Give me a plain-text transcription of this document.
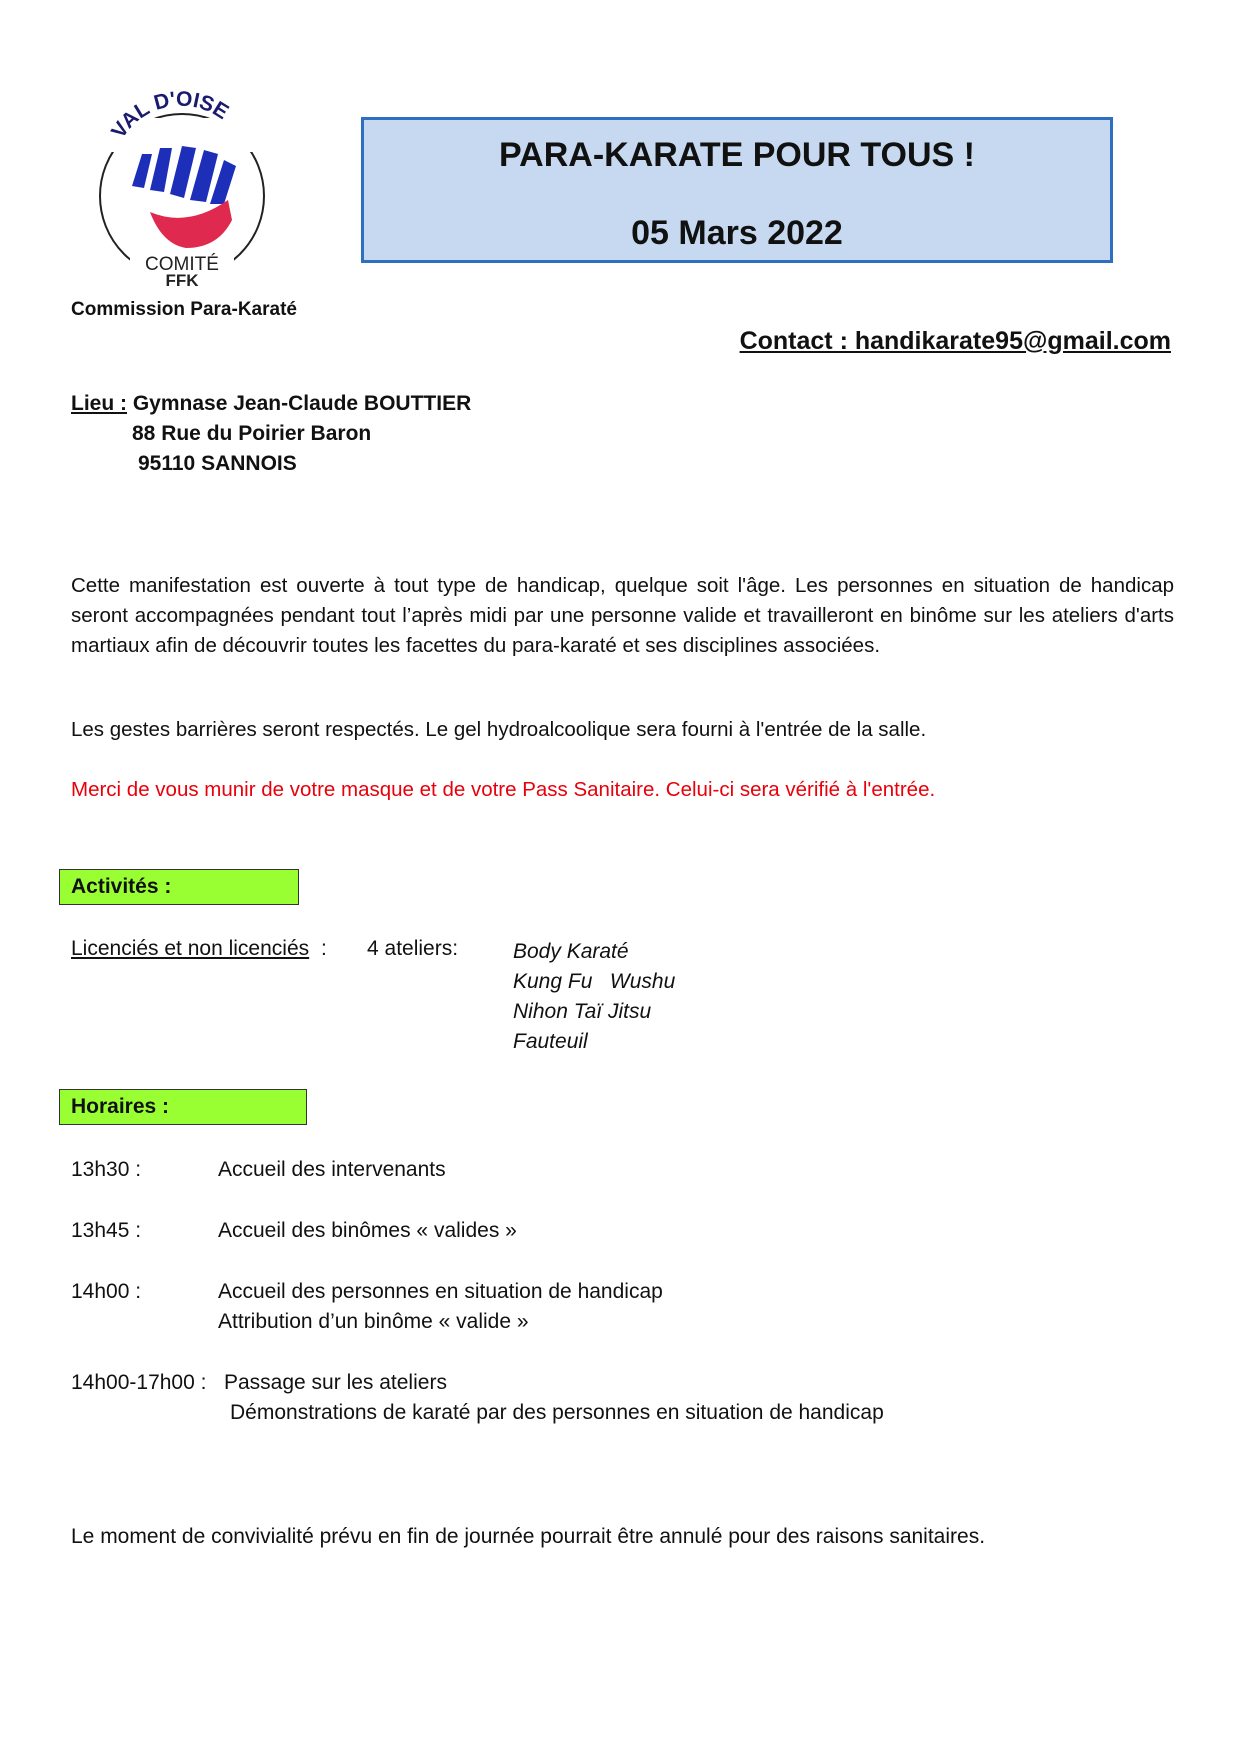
VAL D'OISE
COMITÉ
FFK
Commission Para-Karaté
PARA-KARATE POUR TOUS !
05 Mars 2022
Contact : handikarate95@gmail.com
Lieu : Gymnase Jean-Claude BOUTTIER
88 Rue du Poirier Baron
95110 SANNOIS
Cette manifestation est ouverte à tout type de handicap, quelque soit l'âge. Les personnes en situation de handicap seront accompagnées pendant tout l’après midi par une personne valide et travailleront en binôme sur les ateliers d'arts martiaux afin de découvrir toutes les facettes du para-karaté et ses disciplines associées.
Les gestes barrières seront respectés. Le gel hydroalcoolique sera fourni à l'entrée de la salle.
Merci de vous munir de votre masque et de votre Pass Sanitaire. Celui-ci sera vérifié à l'entrée.
Activités :
Licenciés et non licenciés : 4 ateliers:	Body Karaté
Kung Fu   Wushu
Nihon Taï Jitsu
Fauteuil
Horaires :
13h30 :	Accueil des intervenants
13h45 :	Accueil des binômes « valides »
14h00 :	Accueil des personnes en situation de handicap
Attribution d’un binôme « valide »
14h00-17h00 : Passage sur les ateliers
Démonstrations de karaté par des personnes en situation de handicap
Le moment de convivialité prévu en fin de journée pourrait être annulé pour des raisons sanitaires.
